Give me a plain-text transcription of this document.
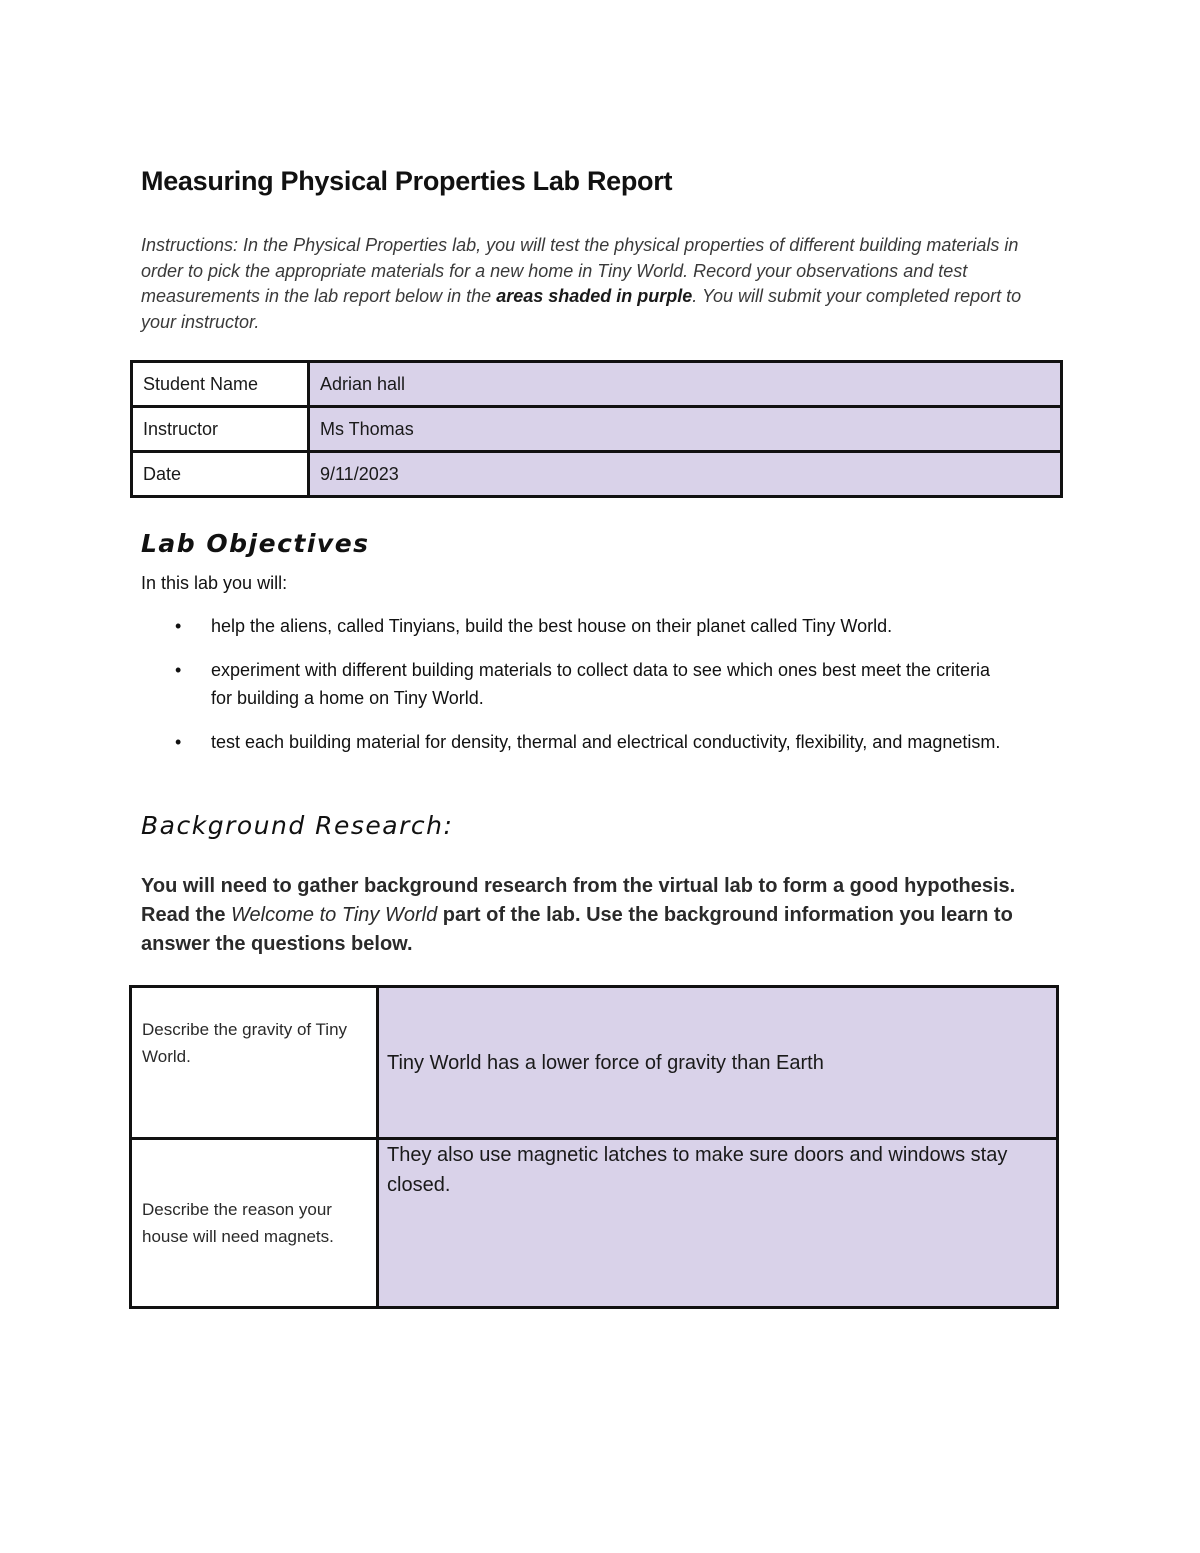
Measuring Physical Properties Lab Report

Instructions: In the Physical Properties lab, you will test the physical properties of different building materials in order to pick the appropriate materials for a new home in Tiny World. Record your observations and test measurements in the lab report below in the areas shaded in purple. You will submit your completed report to your instructor.

Student Name	Adrian hall
Instructor	Ms Thomas
Date	9/11/2023
Lab Objectives

In this lab you will:

• help the aliens, called Tinyians, build the best house on their planet called Tiny World.
• experiment with different building materials to collect data to see which ones best meet the criteria for building a home on Tiny World.
• test each building material for density, thermal and electrical conductivity, flexibility, and magnetism.
Background Research:

You will need to gather background research from the virtual lab to form a good hypothesis. Read the Welcome to Tiny World part of the lab. Use the background information you learn to answer the questions below.

Describe the gravity of Tiny World.	Tiny World has a lower force of gravity than Earth
Describe the reason your house will need magnets.	They also use magnetic latches to make sure doors and windows stay closed.
